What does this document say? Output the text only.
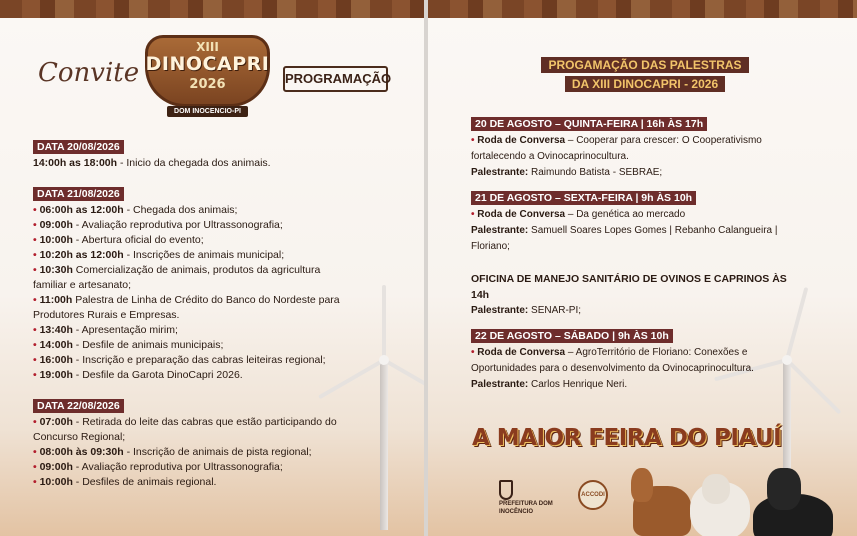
Convite
XIII
DINOCAPRI
2026
DOM INOCENCIO-PI
PROGRAMAÇÃO
DATA 20/08/2026

14:00h as 18:00h - Inicio da chegada dos animais.

DATA 21/08/2026

• 06:00h as 12:00h - Chegada dos animais;

• 09:00h - Avaliação reprodutiva por Ultrassonografia;

• 10:00h - Abertura oficial do evento;

• 10:20h as 12:00h - Inscrições de animais municipal;

• 10:30h Comercialização de animais, produtos da agricultura familiar e artesanato;

• 11:00h Palestra de Linha de Crédito do Banco do Nordeste para Produtores Rurais e Empresas.

• 13:40h - Apresentação mirim;

• 14:00h - Desfile de animais municipais;

• 16:00h - Inscrição e preparação das cabras leiteiras regional;

• 19:00h - Desfile da Garota DinoCapri 2026.

DATA 22/08/2026

• 07:00h - Retirada do leite das cabras que estão participando do Concurso Regional;

• 08:00h às 09:30h - Inscrição de animais de pista regional;

• 09:00h - Avaliação reprodutiva por Ultrassonografia;

• 10:00h - Desfiles de animais regional.

PROGAMAÇÃO DAS PALESTRAS
DA XIII DINOCAPRI - 2026
20 DE AGOSTO – QUINTA-FEIRA | 16h ÀS 17h

• Roda de Conversa – Cooperar para crescer: O Cooperativismo fortalecendo a Ovinocaprinocultura.

Palestrante: Raimundo Batista - SEBRAE;

21 DE AGOSTO – SEXTA-FEIRA | 9h ÀS 10h

• Roda de Conversa – Da genética ao mercado

Palestrante: Samuell Soares Lopes Gomes | Rebanho Calangueira | Floriano;

OFICINA DE MANEJO SANITÁRIO DE OVINOS E CAPRINOS ÀS 14h

Palestrante: SENAR-PI;

22 DE AGOSTO – SÁBADO | 9h ÀS 10h

• Roda de Conversa – AgroTerritório de Floriano: Conexões e Oportunidades para o desenvolvimento da Ovinocaprinocultura.

Palestrante: Carlos Henrique Neri.

A MAIOR FEIRA DO PIAUÍ
PREFEITURA DOM INOCÊNCIO
ACCODI
